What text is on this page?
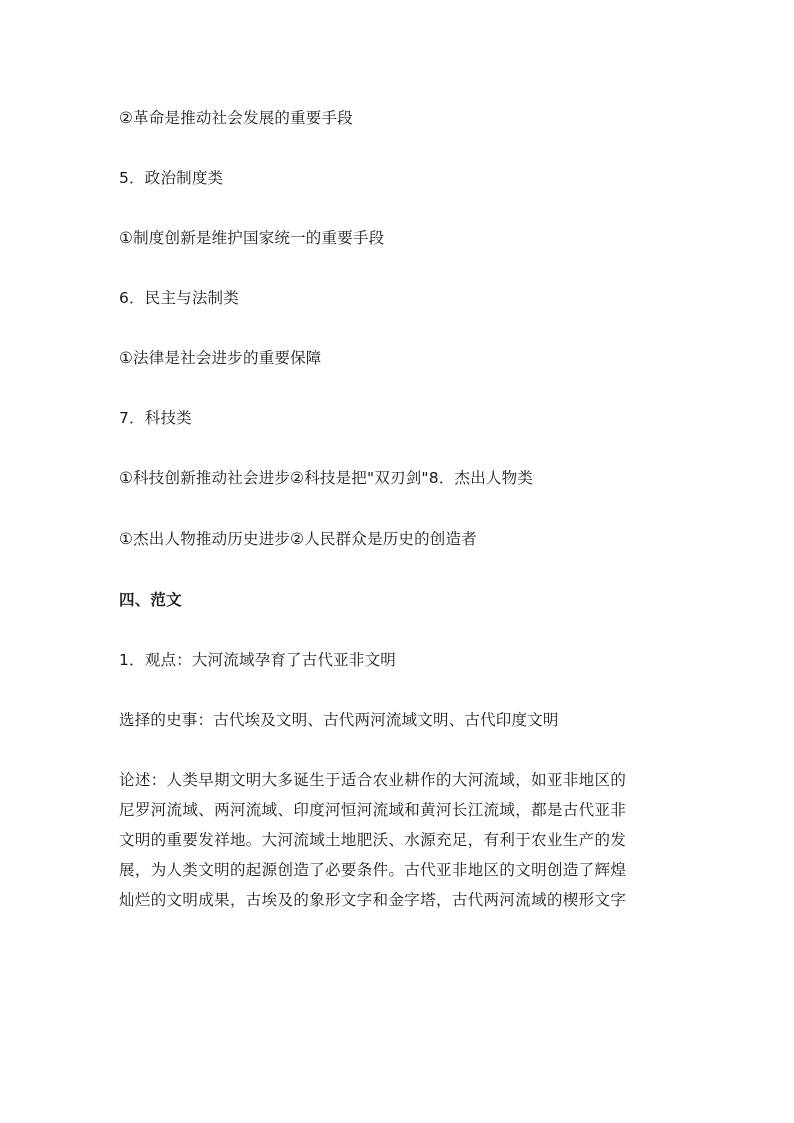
②革命是推动社会发展的重要手段
5．政治制度类
①制度创新是维护国家统一的重要手段
6．民主与法制类
①法律是社会进步的重要保障
7．科技类
①科技创新推动社会进步②科技是把"双刃剑"8．杰出人物类
①杰出人物推动历史进步②人民群众是历史的创造者
四、范文
1．观点：大河流域孕育了古代亚非文明
选择的史事：古代埃及文明、古代两河流域文明、古代印度文明
论述：人类早期文明大多诞生于适合农业耕作的大河流域，如亚非地区的
尼罗河流域、两河流域、印度河恒河流域和黄河长江流域，都是古代亚非
文明的重要发祥地。大河流域土地肥沃、水源充足，有利于农业生产的发
展，为人类文明的起源创造了必要条件。古代亚非地区的文明创造了辉煌
灿烂的文明成果，古埃及的象形文字和金字塔，古代两河流域的楔形文字
